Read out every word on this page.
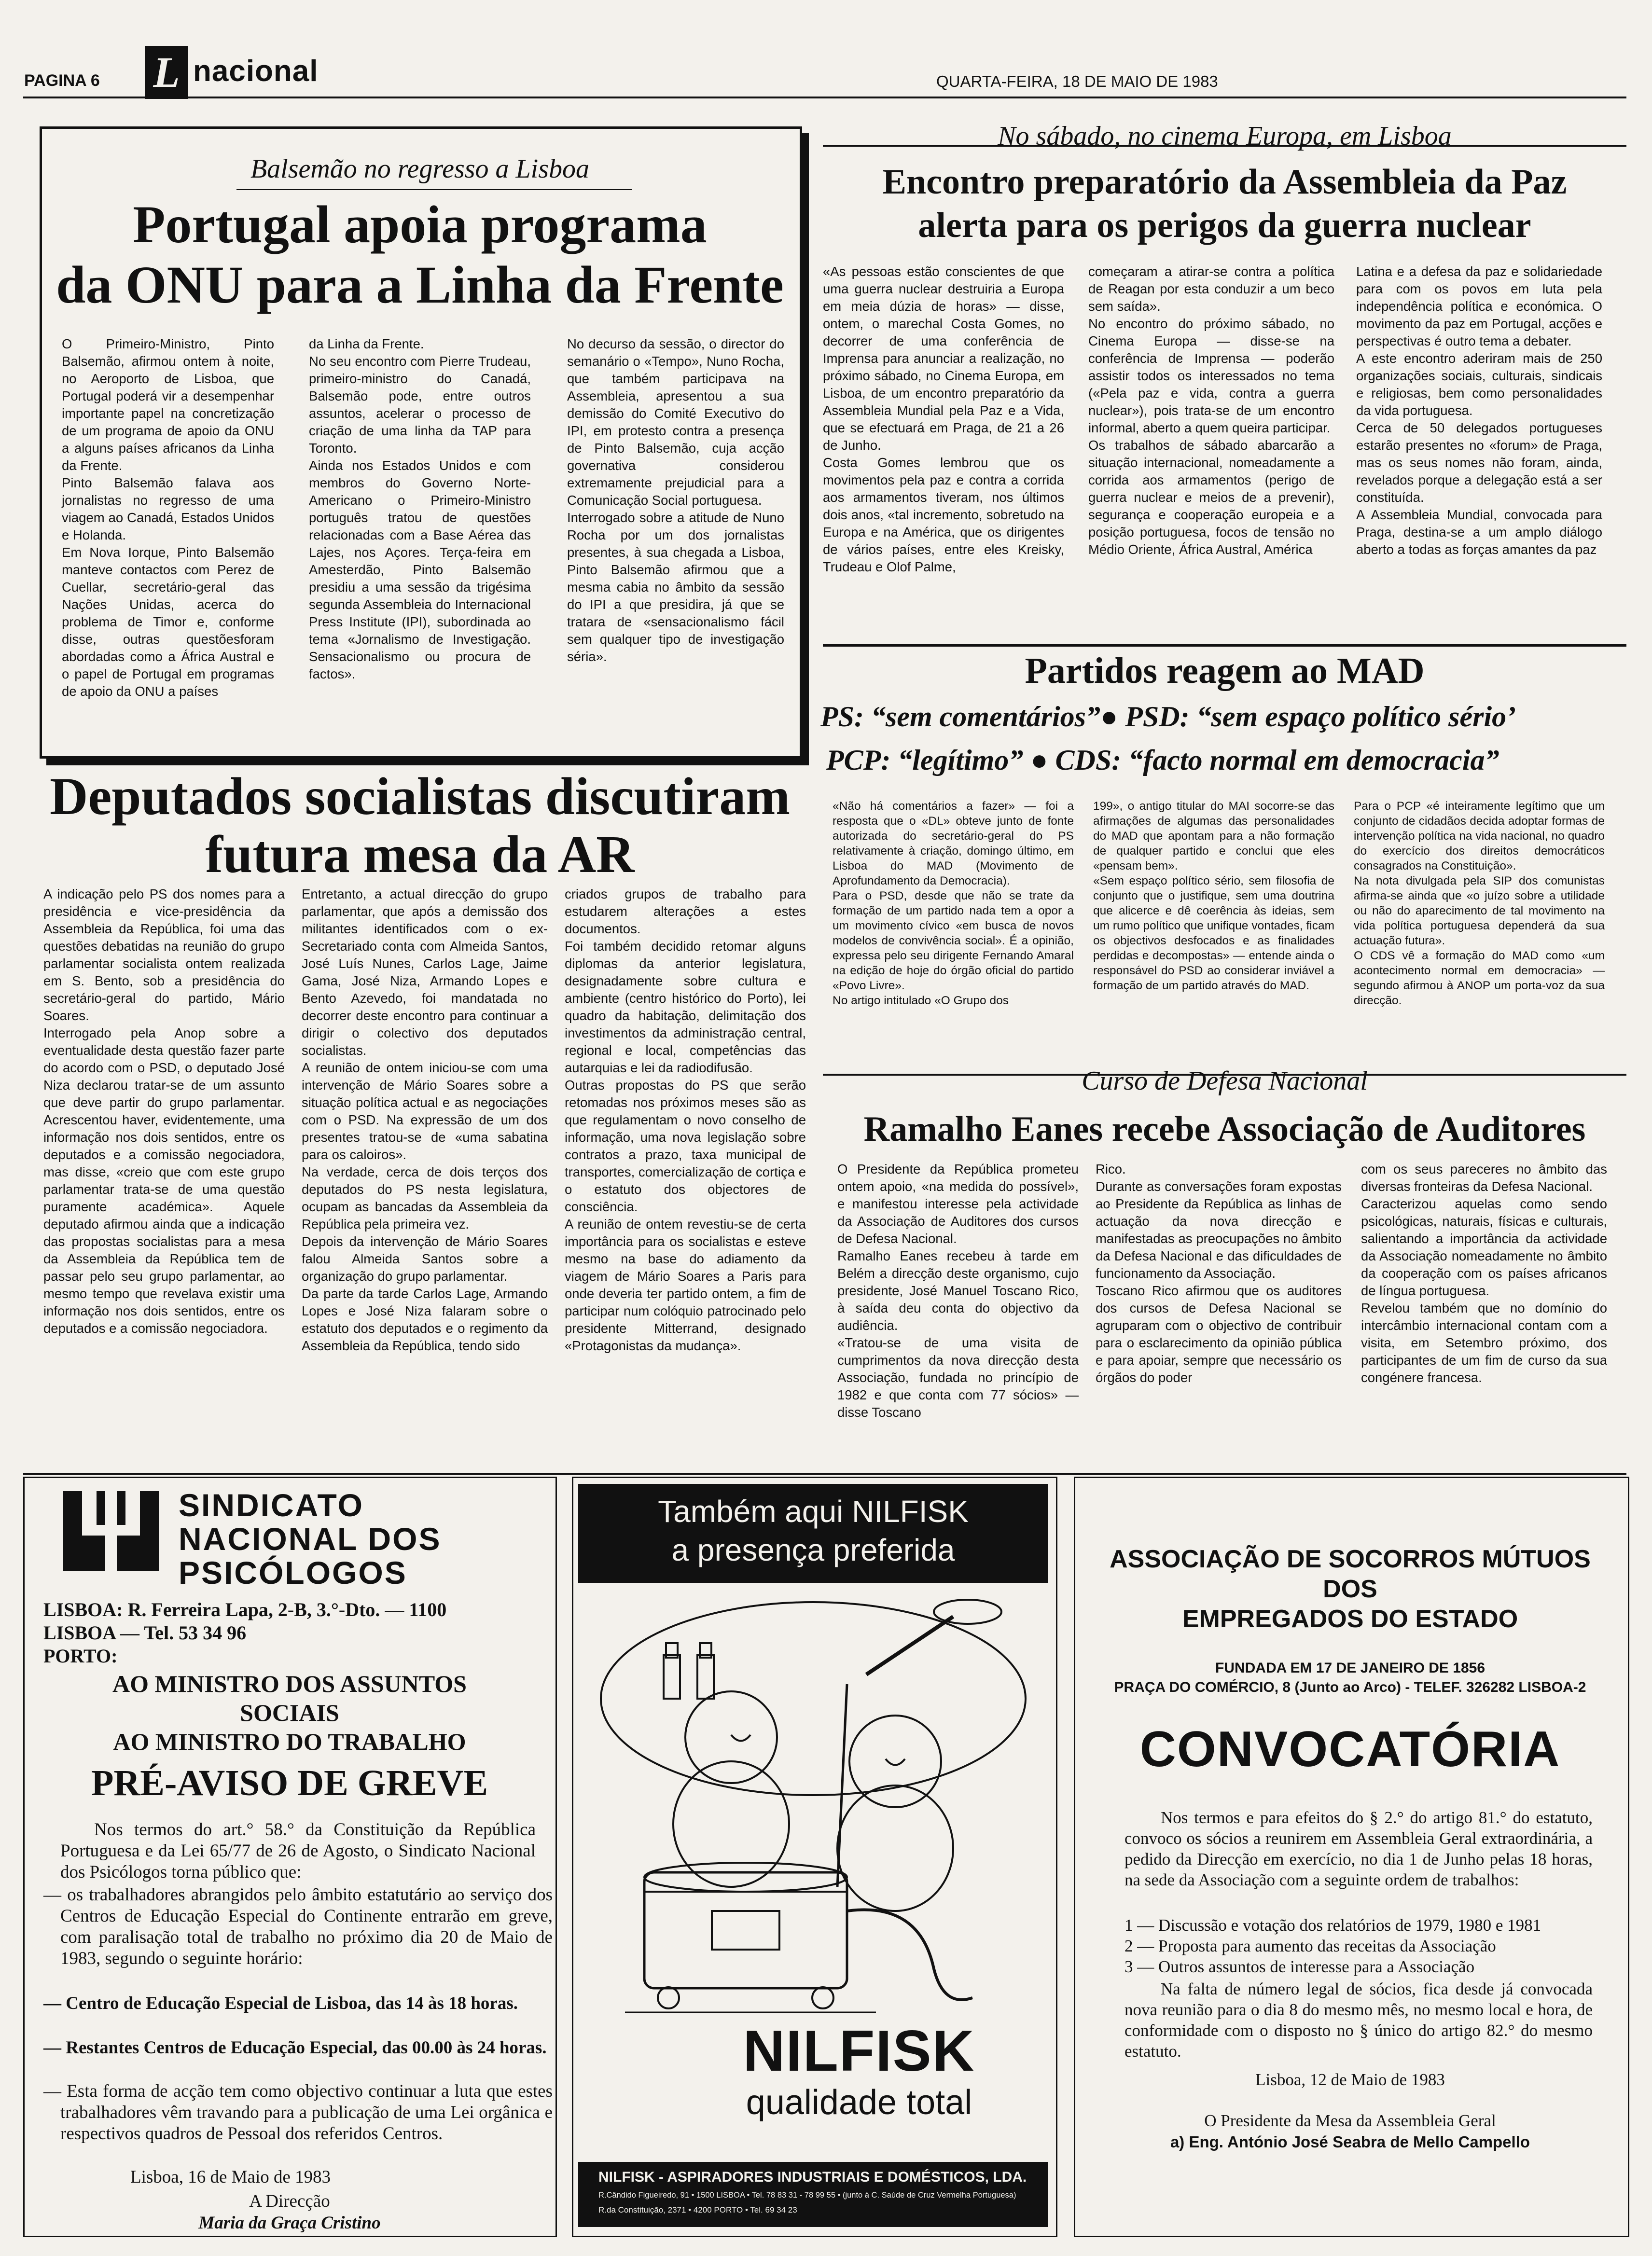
PAGINA 6 L nacional	QUARTA-FEIRA, 18 DE MAIO DE 1983
Balsemão no regresso a Lisboa
Portugal apoia programa
da ONU para a Linha da Frente
O Primeiro-Ministro, Pinto Balsemão, afirmou ontem à noite, no Aeroporto de Lisboa, que Portugal poderá vir a desempenhar importante papel na concretização de um programa de apoio da ONU a alguns países africanos da Linha da Frente.
Pinto Balsemão falava aos jornalistas no regresso de uma viagem ao Canadá, Estados Unidos e Holanda.
Em Nova Iorque, Pinto Balsemão manteve contactos com Perez de Cuellar, secretário-geral das Nações Unidas, acerca do problema de Timor e, conforme disse, outras questõesforam abordadas como a África Austral e o papel de Portugal em programas de apoio da ONU a países
da Linha da Frente.
No seu encontro com Pierre Trudeau, primeiro-ministro do Canadá, Balsemão pode, entre outros assuntos, acelerar o processo de criação de uma linha da TAP para Toronto.
Ainda nos Estados Unidos e com membros do Governo Norte-Americano o Primeiro-Ministro português tratou de questões relacionadas com a Base Aérea das Lajes, nos Açores. Terça-feira em Amesterdão, Pinto Balsemão presidiu a uma sessão da trigésima segunda Assembleia do Internacional Press Institute (IPI), subordinada ao tema «Jornalismo de Investigação. Sensacionalismo ou procura de factos».
No decurso da sessão, o director do semanário o «Tempo», Nuno Rocha, que também participava na Assembleia, apresentou a sua demissão do Comité Executivo do IPI, em protesto contra a presença de Pinto Balsemão, cuja acção governativa considerou extremamente prejudicial para a Comunicação Social portuguesa.
Interrogado sobre a atitude de Nuno Rocha por um dos jornalistas presentes, à sua chegada a Lisboa, Pinto Balsemão afirmou que a mesma cabia no âmbito da sessão do IPI a que presidira, já que se tratara de «sensacionalismo fácil sem qualquer tipo de investigação séria».
No sábado, no cinema Europa, em Lisboa
Encontro preparatório da Assembleia da Paz
alerta para os perigos da guerra nuclear
«As pessoas estão conscientes de que uma guerra nuclear destruiria a Europa em meia dúzia de horas» — disse, ontem, o marechal Costa Gomes, no decorrer de uma conferência de Imprensa para anunciar a realização, no próximo sábado, no Cinema Europa, em Lisboa, de um encontro preparatório da Assembleia Mundial pela Paz e a Vida, que se efectuará em Praga, de 21 a 26 de Junho.
Costa Gomes lembrou que os movimentos pela paz e contra a corrida aos armamentos tiveram, nos últimos dois anos, «tal incremento, sobretudo na Europa e na América, que os dirigentes de vários países, entre eles Kreisky, Trudeau e Olof Palme,
começaram a atirar-se contra a política de Reagan por esta conduzir a um beco sem saída».
No encontro do próximo sábado, no Cinema Europa — disse-se na conferência de Imprensa — poderão assistir todos os interessados no tema («Pela paz e vida, contra a guerra nuclear»), pois trata-se de um encontro informal, aberto a quem queira participar.
Os trabalhos de sábado abarcarão a situação internacional, nomeadamente a corrida aos armamentos (perigo de guerra nuclear e meios de a prevenir), segurança e cooperação europeia e a posição portuguesa, focos de tensão no Médio Oriente, África Austral, América
Latina e a defesa da paz e solidariedade para com os povos em luta pela independência política e económica. O movimento da paz em Portugal, acções e perspectivas é outro tema a debater.
A este encontro aderiram mais de 250 organizações sociais, culturais, sindicais e religiosas, bem como personalidades da vida portuguesa.
Cerca de 50 delegados portugueses estarão presentes no «forum» de Praga, mas os seus nomes não foram, ainda, revelados porque a delegação está a ser constituída.
A Assembleia Mundial, convocada para Praga, destina-se a um amplo diálogo aberto a todas as forças amantes da paz
Partidos reagem ao MAD
PS: “sem comentários”● PSD: “sem espaço político sério’
PCP: “legítimo” ● CDS: “facto normal em democracia”
«Não há comentários a fazer» — foi a resposta que o «DL» obteve junto de fonte autorizada do secretário-geral do PS relativamente à criação, domingo último, em Lisboa do MAD (Movimento de Aprofundamento da Democracia).
Para o PSD, desde que não se trate da formação de um partido nada tem a opor a um movimento cívico «em busca de novos modelos de convivência social». É a opinião, expressa pelo seu dirigente Fernando Amaral na edição de hoje do órgão oficial do partido «Povo Livre».
No artigo intitulado «O Grupo dos
199», o antigo titular do MAI socorre-se das afirmações de algumas das personalidades do MAD que apontam para a não formação de qualquer partido e conclui que eles «pensam bem».
«Sem espaço político sério, sem filosofia de conjunto que o justifique, sem uma doutrina que alicerce e dê coerência às ideias, sem um rumo político que unifique vontades, ficam os objectivos desfocados e as finalidades perdidas e decompostas» — entende ainda o responsável do PSD ao considerar inviável a formação de um partido através do MAD.
Para o PCP «é inteiramente legítimo que um conjunto de cidadãos decida adoptar formas de intervenção política na vida nacional, no quadro do exercício dos direitos democráticos consagrados na Constituição».
Na nota divulgada pela SIP dos comunistas afirma-se ainda que «o juízo sobre a utilidade ou não do aparecimento de tal movimento na vida política portuguesa dependerá da sua actuação futura».
O CDS vê a formação do MAD como «um acontecimento normal em democracia» — segundo afirmou à ANOP um porta-voz da sua direcção.
Deputados socialistas discutiram
futura mesa da AR
A indicação pelo PS dos nomes para a presidência e vice-presidência da Assembleia da República, foi uma das questões debatidas na reunião do grupo parlamentar socialista ontem realizada em S. Bento, sob a presidência do secretário-geral do partido, Mário Soares.
Interrogado pela Anop sobre a eventualidade desta questão fazer parte do acordo com o PSD, o deputado José Niza declarou tratar-se de um assunto que deve partir do grupo parlamentar. Acrescentou haver, evidentemente, uma informação nos dois sentidos, entre os deputados e a comissão negociadora, mas disse, «creio que com este grupo parlamentar trata-se de uma questão puramente académica». Aquele deputado afirmou ainda que a indicação das propostas socialistas para a mesa da Assembleia da República tem de passar pelo seu grupo parlamentar, ao mesmo tempo que revelava existir uma informação nos dois sentidos, entre os deputados e a comissão negociadora.
Entretanto, a actual direcção do grupo parlamentar, que após a demissão dos militantes identificados com o ex-Secretariado conta com Almeida Santos, José Luís Nunes, Carlos Lage, Jaime Gama, José Niza, Armando Lopes e Bento Azevedo, foi mandatada no decorrer deste encontro para continuar a dirigir o colectivo dos deputados socialistas.
A reunião de ontem iniciou-se com uma intervenção de Mário Soares sobre a situação política actual e as negociações com o PSD. Na expressão de um dos presentes tratou-se de «uma sabatina para os caloiros».
Na verdade, cerca de dois terços dos deputados do PS nesta legislatura, ocupam as bancadas da Assembleia da República pela primeira vez.
Depois da intervenção de Mário Soares falou Almeida Santos sobre a organização do grupo parlamentar.
Da parte da tarde Carlos Lage, Armando Lopes e José Niza falaram sobre o estatuto dos deputados e o regimento da Assembleia da República, tendo sido
criados grupos de trabalho para estudarem alterações a estes documentos.
Foi também decidido retomar alguns diplomas da anterior legislatura, designadamente sobre cultura e ambiente (centro histórico do Porto), lei quadro da habitação, delimitação dos investimentos da administração central, regional e local, competências das autarquias e lei da radiodifusão.
Outras propostas do PS que serão retomadas nos próximos meses são as que regulamentam o novo conselho de informação, uma nova legislação sobre contratos a prazo, taxa municipal de transportes, comercialização de cortiça e o estatuto dos objectores de consciência.
A reunião de ontem revestiu-se de certa importância para os socialistas e esteve mesmo na base do adiamento da viagem de Mário Soares a Paris para onde deveria ter partido ontem, a fim de participar num colóquio patrocinado pelo presidente Mitterrand, designado «Protagonistas da mudança».
Curso de Defesa Nacional
Ramalho Eanes recebe Associação de Auditores
O Presidente da República prometeu ontem apoio, «na medida do possível», e manifestou interesse pela actividade da Associação de Auditores dos cursos de Defesa Nacional.
Ramalho Eanes recebeu à tarde em Belém a direcção deste organismo, cujo presidente, José Manuel Toscano Rico, à saída deu conta do objectivo da audiência.
«Tratou-se de uma visita de cumprimentos da nova direcção desta Associação, fundada no princípio de 1982 e que conta com 77 sócios» — disse Toscano
Rico.
Durante as conversações foram expostas ao Presidente da República as linhas de actuação da nova direcção e manifestadas as preocupações no âmbito da Defesa Nacional e das dificuldades de funcionamento da Associação.
Toscano Rico afirmou que os auditores dos cursos de Defesa Nacional se agruparam com o objectivo de contribuir para o esclarecimento da opinião pública e para apoiar, sempre que necessário os órgãos do poder
com os seus pareceres no âmbito das diversas fronteiras da Defesa Nacional.
Caracterizou aquelas como sendo psicológicas, naturais, físicas e culturais, salientando a importância da actividade da Associação nomeadamente no âmbito da cooperação com os países africanos de língua portuguesa.
Revelou também que no domínio do intercâmbio internacional contam com a visita, em Setembro próximo, dos participantes de um fim de curso da sua congénere francesa.
SINDICATO
NACIONAL DOS
PSICÓLOGOS
LISBOA: R. Ferreira Lapa, 2-B, 3.°-Dto. — 1100
LISBOA — Tel. 53 34 96
PORTO:
AO MINISTRO DOS ASSUNTOS
SOCIAIS
AO MINISTRO DO TRABALHO
PRÉ-AVISO DE GREVE
Nos termos do art.° 58.° da Constituição da República Portuguesa e da Lei 65/77 de 26 de Agosto, o Sindicato Nacional dos Psicólogos torna público que:
— os trabalhadores abrangidos pelo âmbito estatutário ao serviço dos Centros de Educação Especial do Continente entrarão em greve, com paralisação total de trabalho no próximo dia 20 de Maio de 1983, segundo o seguinte horário:
— Centro de Educação Especial de Lisboa, das 14 às 18 horas.
— Restantes Centros de Educação Especial, das 00.00 às 24 horas.
— Esta forma de acção tem como objectivo continuar a luta que estes trabalhadores vêm travando para a publicação de uma Lei orgânica e respectivos quadros de Pessoal dos referidos Centros.
Lisboa, 16 de Maio de 1983
A Direcção
Maria da Graça Cristino
Também aqui NILFISK
a presença preferida
NILFISK
qualidade total
NILFISK - ASPIRADORES INDUSTRIAIS E DOMÉSTICOS, LDA.
R.Cândido Figueiredo, 91 • 1500 LISBOA • Tel. 78 83 31 - 78 99 55 • (junto à C. Saúde de Cruz Vermelha Portuguesa)
R.da Constituição, 2371 • 4200 PORTO • Tel. 69 34 23
ASSOCIAÇÃO DE SOCORROS MÚTUOS
DOS
EMPREGADOS DO ESTADO
FUNDADA EM 17 DE JANEIRO DE 1856
PRAÇA DO COMÉRCIO, 8 (Junto ao Arco) - TELEF. 326282 LISBOA-2
CONVOCATÓRIA
Nos termos e para efeitos do § 2.° do artigo 81.° do estatuto, convoco os sócios a reunirem em Assembleia Geral extraordinária, a pedido da Direcção em exercício, no dia 1 de Junho pelas 18 horas, na sede da Associação com a seguinte ordem de trabalhos:
1 — Discussão e votação dos relatórios de 1979, 1980 e 1981
2 — Proposta para aumento das receitas da Associação
3 — Outros assuntos de interesse para a Associação
Na falta de número legal de sócios, fica desde já convocada nova reunião para o dia 8 do mesmo mês, no mesmo local e hora, de conformidade com o disposto no § único do artigo 82.° do mesmo estatuto.
Lisboa, 12 de Maio de 1983
O Presidente da Mesa da Assembleia Geral
a) Eng. António José Seabra de Mello Campello
